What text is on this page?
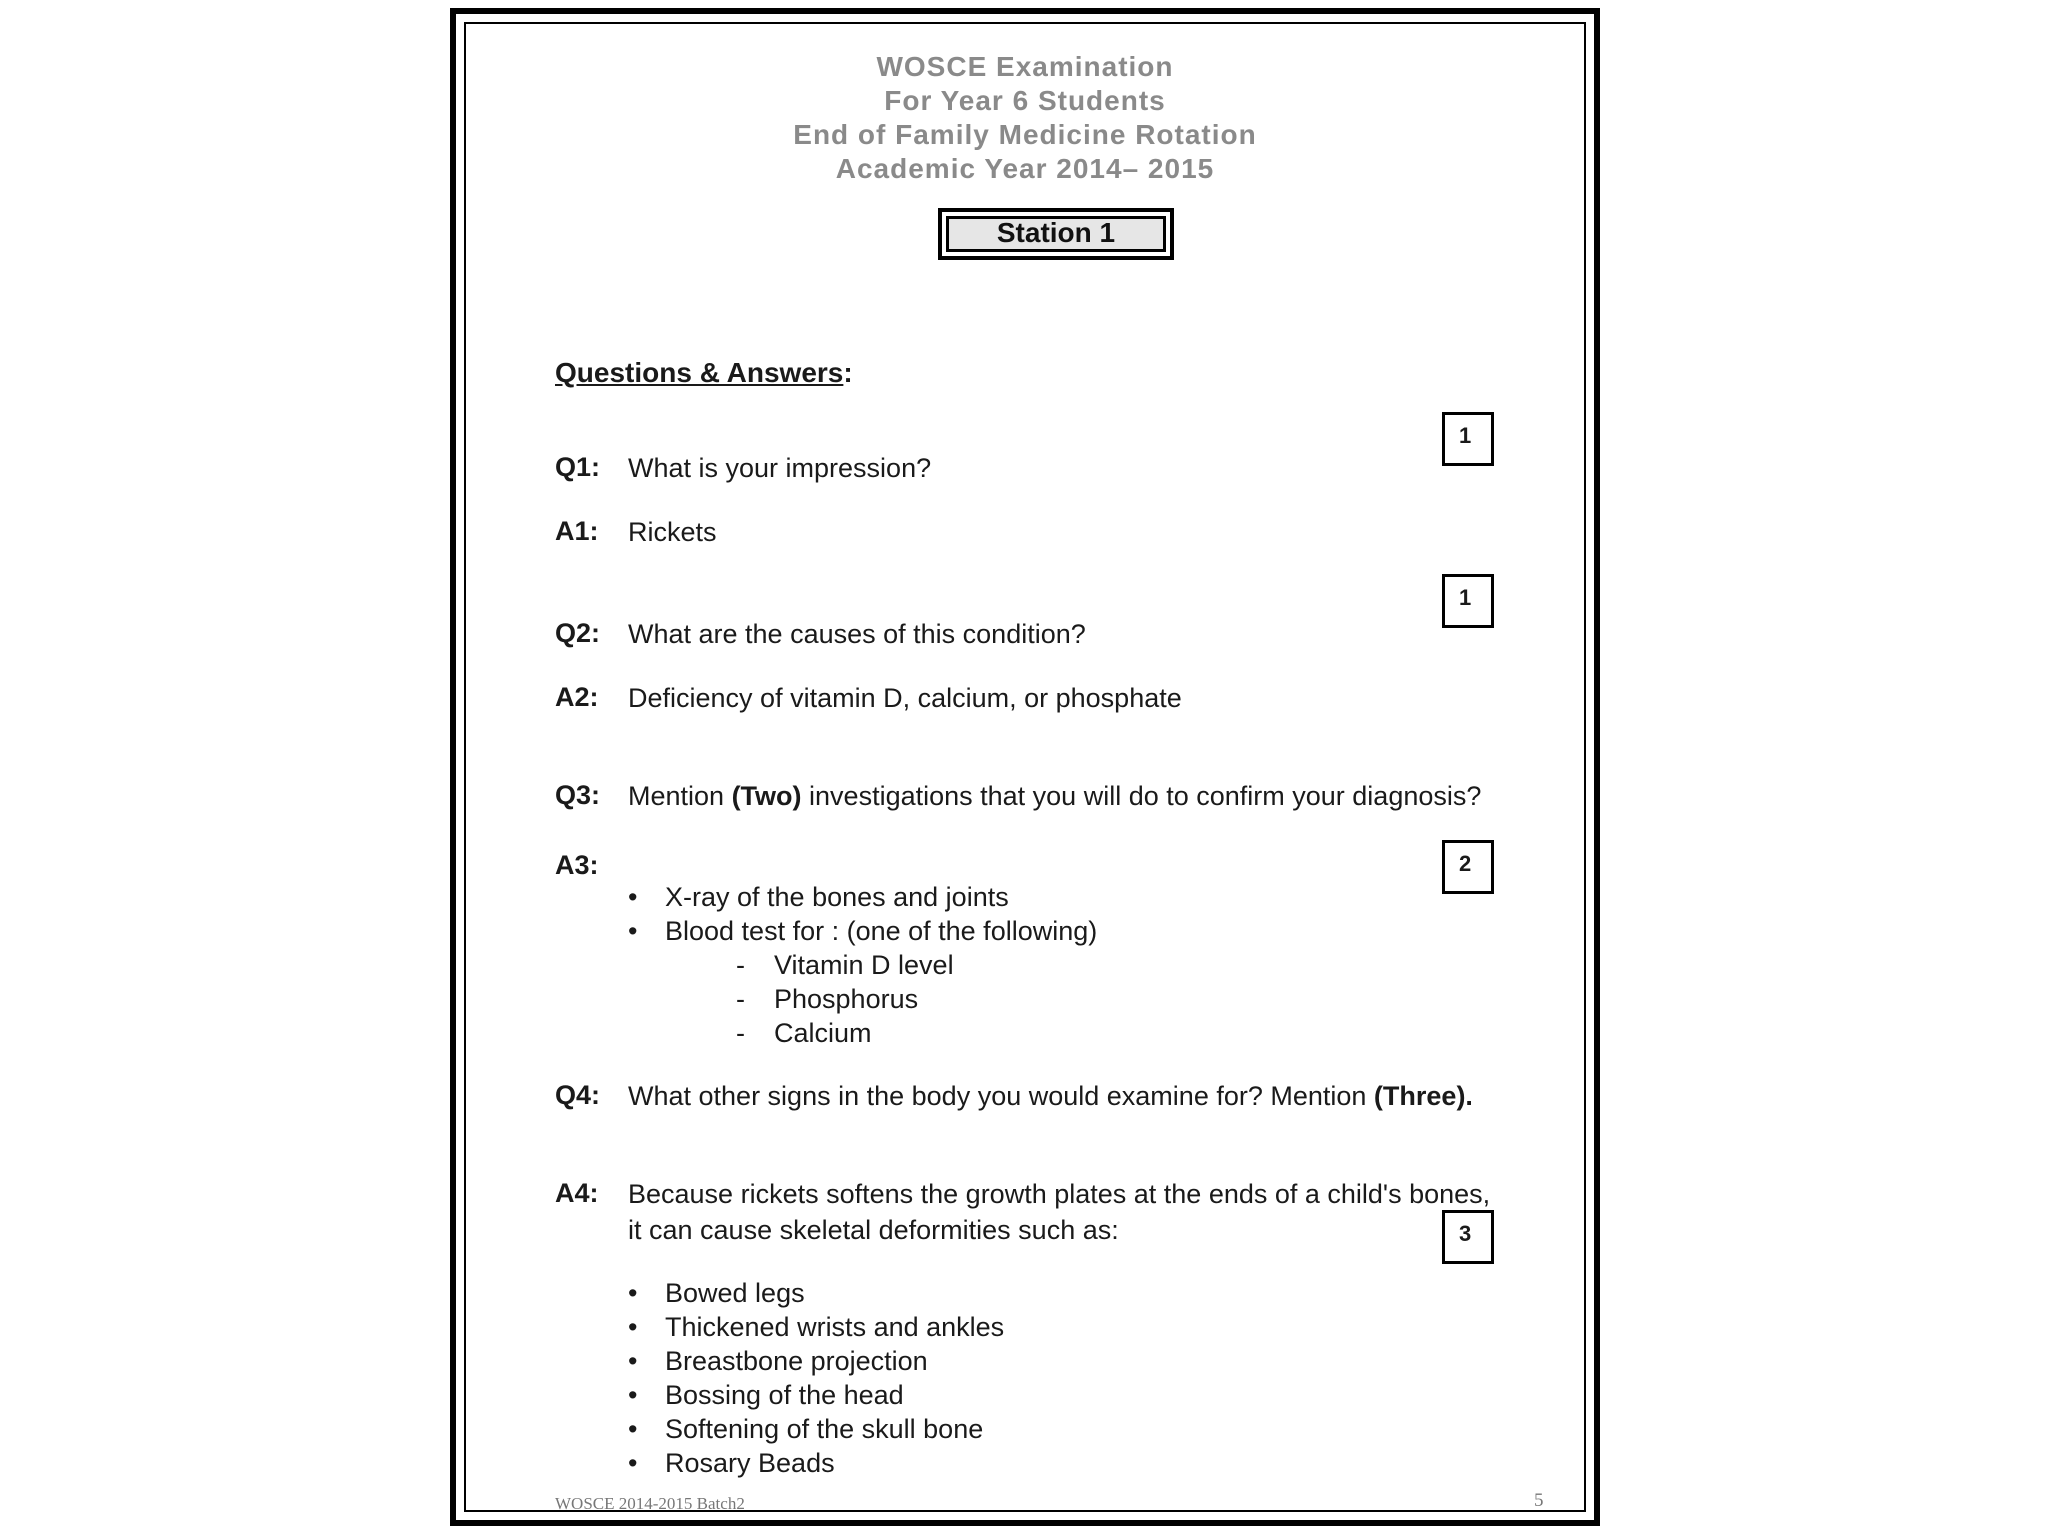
WOSCE Examination
For Year 6 Students
End of Family Medicine Rotation
Academic Year 2014– 2015
Station 1
Questions & Answers:
1
Q1: What is your impression?
A1: Rickets
1
Q2: What are the causes of this condition?
A2: Deficiency of vitamin D, calcium, or phosphate
Q3: Mention (Two) investigations that you will do to confirm your diagnosis?
A3:	2
• X-ray of the bones and joints
• Blood test for : (one of the following)
- Vitamin D level
- Phosphorus
- Calcium
Q4: What other signs in the body you would examine for? Mention (Three).
A4: Because rickets softens the growth plates at the ends of a child's bones,
it can cause skeletal deformities such as:	3
• Bowed legs
• Thickened wrists and ankles
• Breastbone projection
• Bossing of the head
• Softening of the skull bone
• Rosary Beads
WOSCE 2014-2015 Batch2	5
